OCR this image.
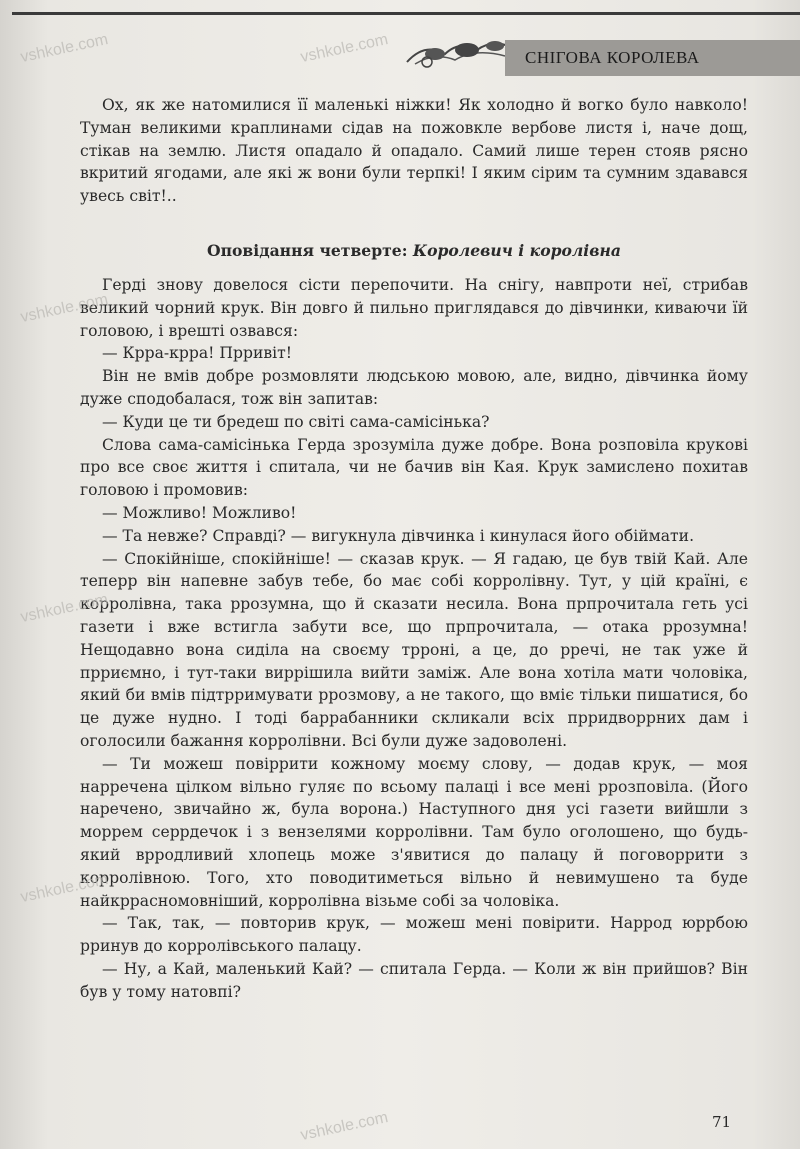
СНІГОВА КОРОЛЕВА

Ох, як же натомилися її маленькі ніжки! Як холодно й вогко було навколо! Туман великими краплинами сідав на пожовкле вербове листя і, наче дощ, стікав на землю. Листя опадало й опадало. Самий лише терен стояв рясно вкритий ягодами, але які ж вони були терпкі! І яким сірим та сумним здавався увесь світ!..

Оповідання четверте: Королевич і королівна

Герді знову довелося сісти перепочити. На снігу, навпроти неї, стрибав великий чорний крук. Він довго й пильно приглядався до дівчинки, киваючи їй головою, і врешті озвався:

— Крра-крра! Прривіт!

Він не вмів добре розмовляти людською мовою, але, видно, дівчинка йому дуже сподобалася, тож він запитав:

— Куди це ти бредеш по світі сама-самісінька?

Слова сама-самісінька Герда зрозуміла дуже добре. Вона розповіла крукові про все своє життя і спитала, чи не бачив він Кая. Крук замислено похитав головою і промовив:

— Можливо! Можливо!

— Та невже? Справді? — вигукнула дівчинка і кинулася його обіймати.

— Спокійніше, спокійніше! — сказав крук. — Я гадаю, це був твій Кай. Але теперр він напевне забув тебе, бо має собі корролівну. Тут, у цій країні, є корролівна, така ррозумна, що й сказати несила. Вона прпрочитала геть усі газети і вже встигла забути все, що прпрочитала, — отака ррозумна! Нещодавно вона сиділа на своєму трроні, а це, до рречі, не так уже й прриємно, і тут-таки виррішила вийти заміж. Але вона хотіла мати чоловіка, який би вмів підтрримувати ррозмову, а не такого, що вміє тільки пишатися, бо це дуже нудно. І тоді баррабанники скликали всіх прридворрних дам і оголосили бажання корролівни. Всі були дуже задоволені.

— Ти можеш повіррити кожному моєму слову, — додав крук, — моя нарречена цілком вільно гуляє по всьому палаці і все мені ррозповіла. (Його наречено, звичайно ж, була ворона.) Наступного дня усі газети вийшли з моррем серрдечок і з вензелями корролівни. Там було оголошено, що будь-який врродливий хлопець може з'явитися до палацу й поговоррити з корролівною. Того, хто поводитиметься вільно й невимушено та буде найкррасномовніший, корролівна візьме собі за чоловіка.

— Так, так, — повторив крук, — можеш мені повірити. Наррод юррбою рринув до корролівського палацу.

— Ну, а Кай, маленький Кай? — спитала Герда. — Коли ж він прийшов? Він був у тому натовпі?

71
vshkole.com	vshkole.com
vshkole.com
vshkole.com
vshkole.com
vshkole.com
